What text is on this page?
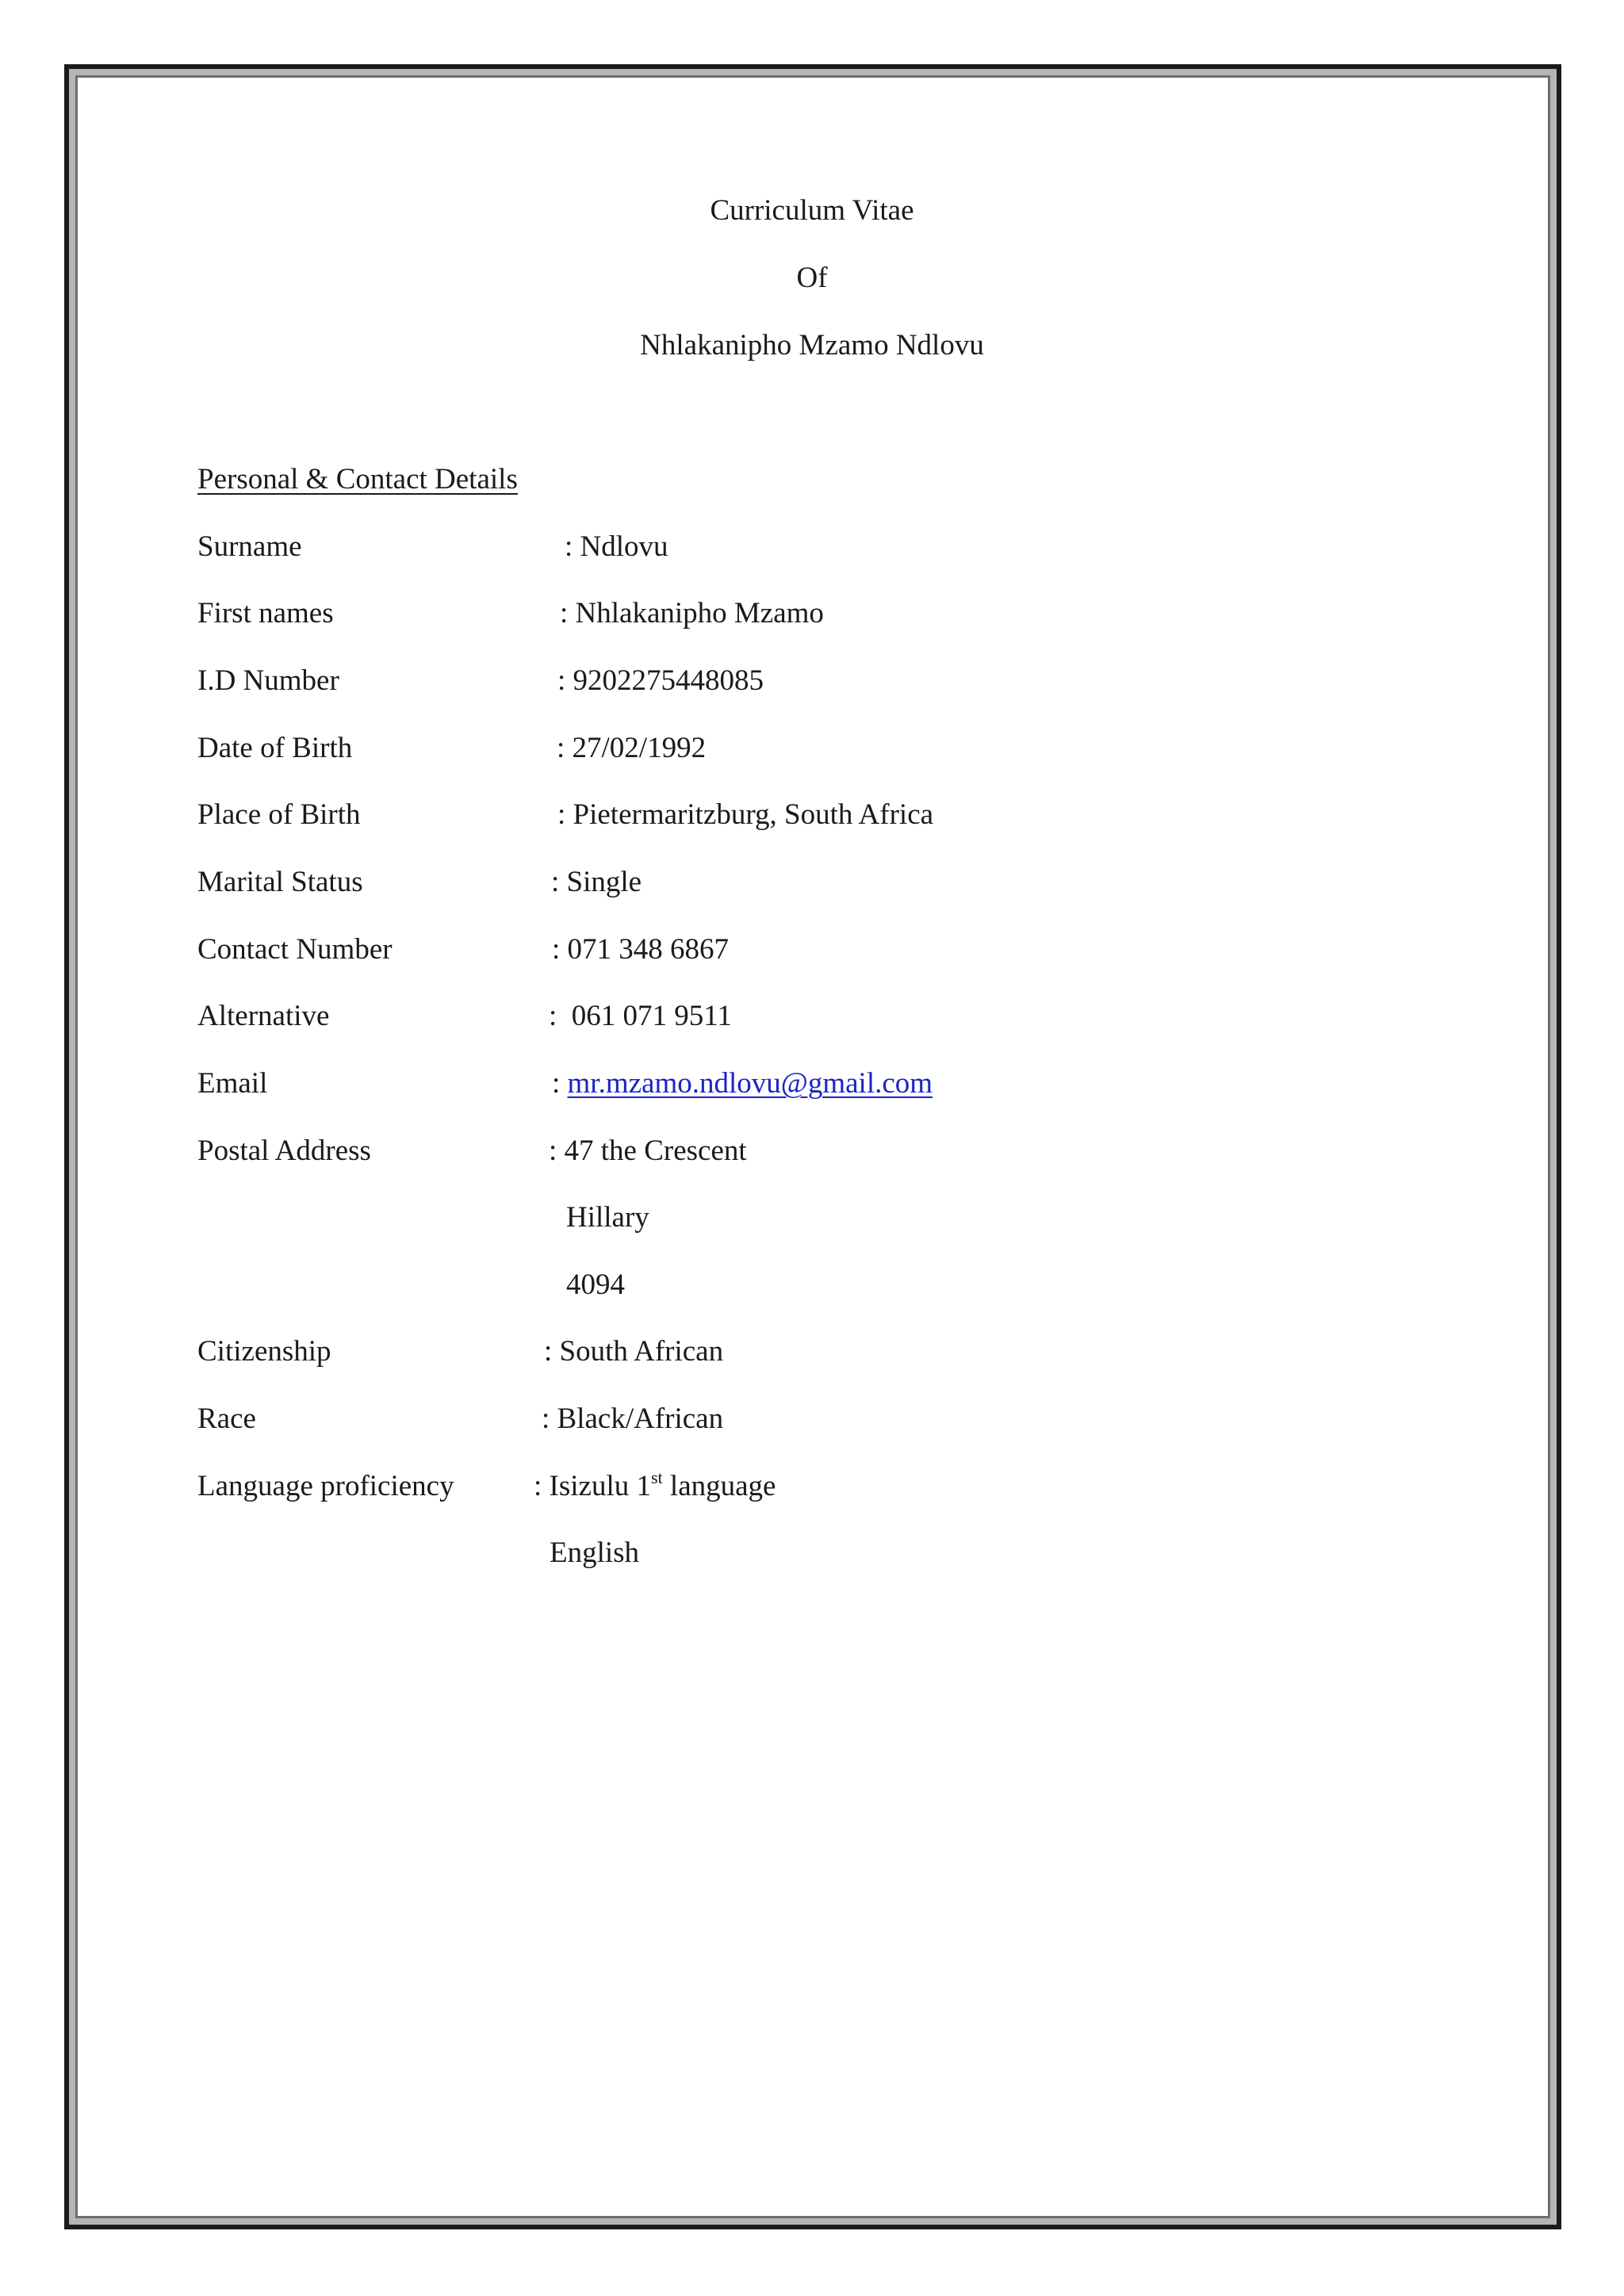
Curriculum Vitae
Of
Nhlakanipho Mzamo Ndlovu
Personal & Contact Details
Surname	: Ndlovu
First names	: Nhlakanipho Mzamo
I.D Number	: 9202275448085
Date of Birth	: 27/02/1992
Place of Birth	: Pietermaritzburg, South Africa
Marital Status	: Single
Contact Number	: 071 348 6867
Alternative	:  061 071 9511
Email	: mr.mzamo.ndlovu@gmail.com
Postal Address	: 47 the Crescent
Hillary
4094
Citizenship	: South African
Race	: Black/African
Language proficiency	: Isizulu 1st language
English
